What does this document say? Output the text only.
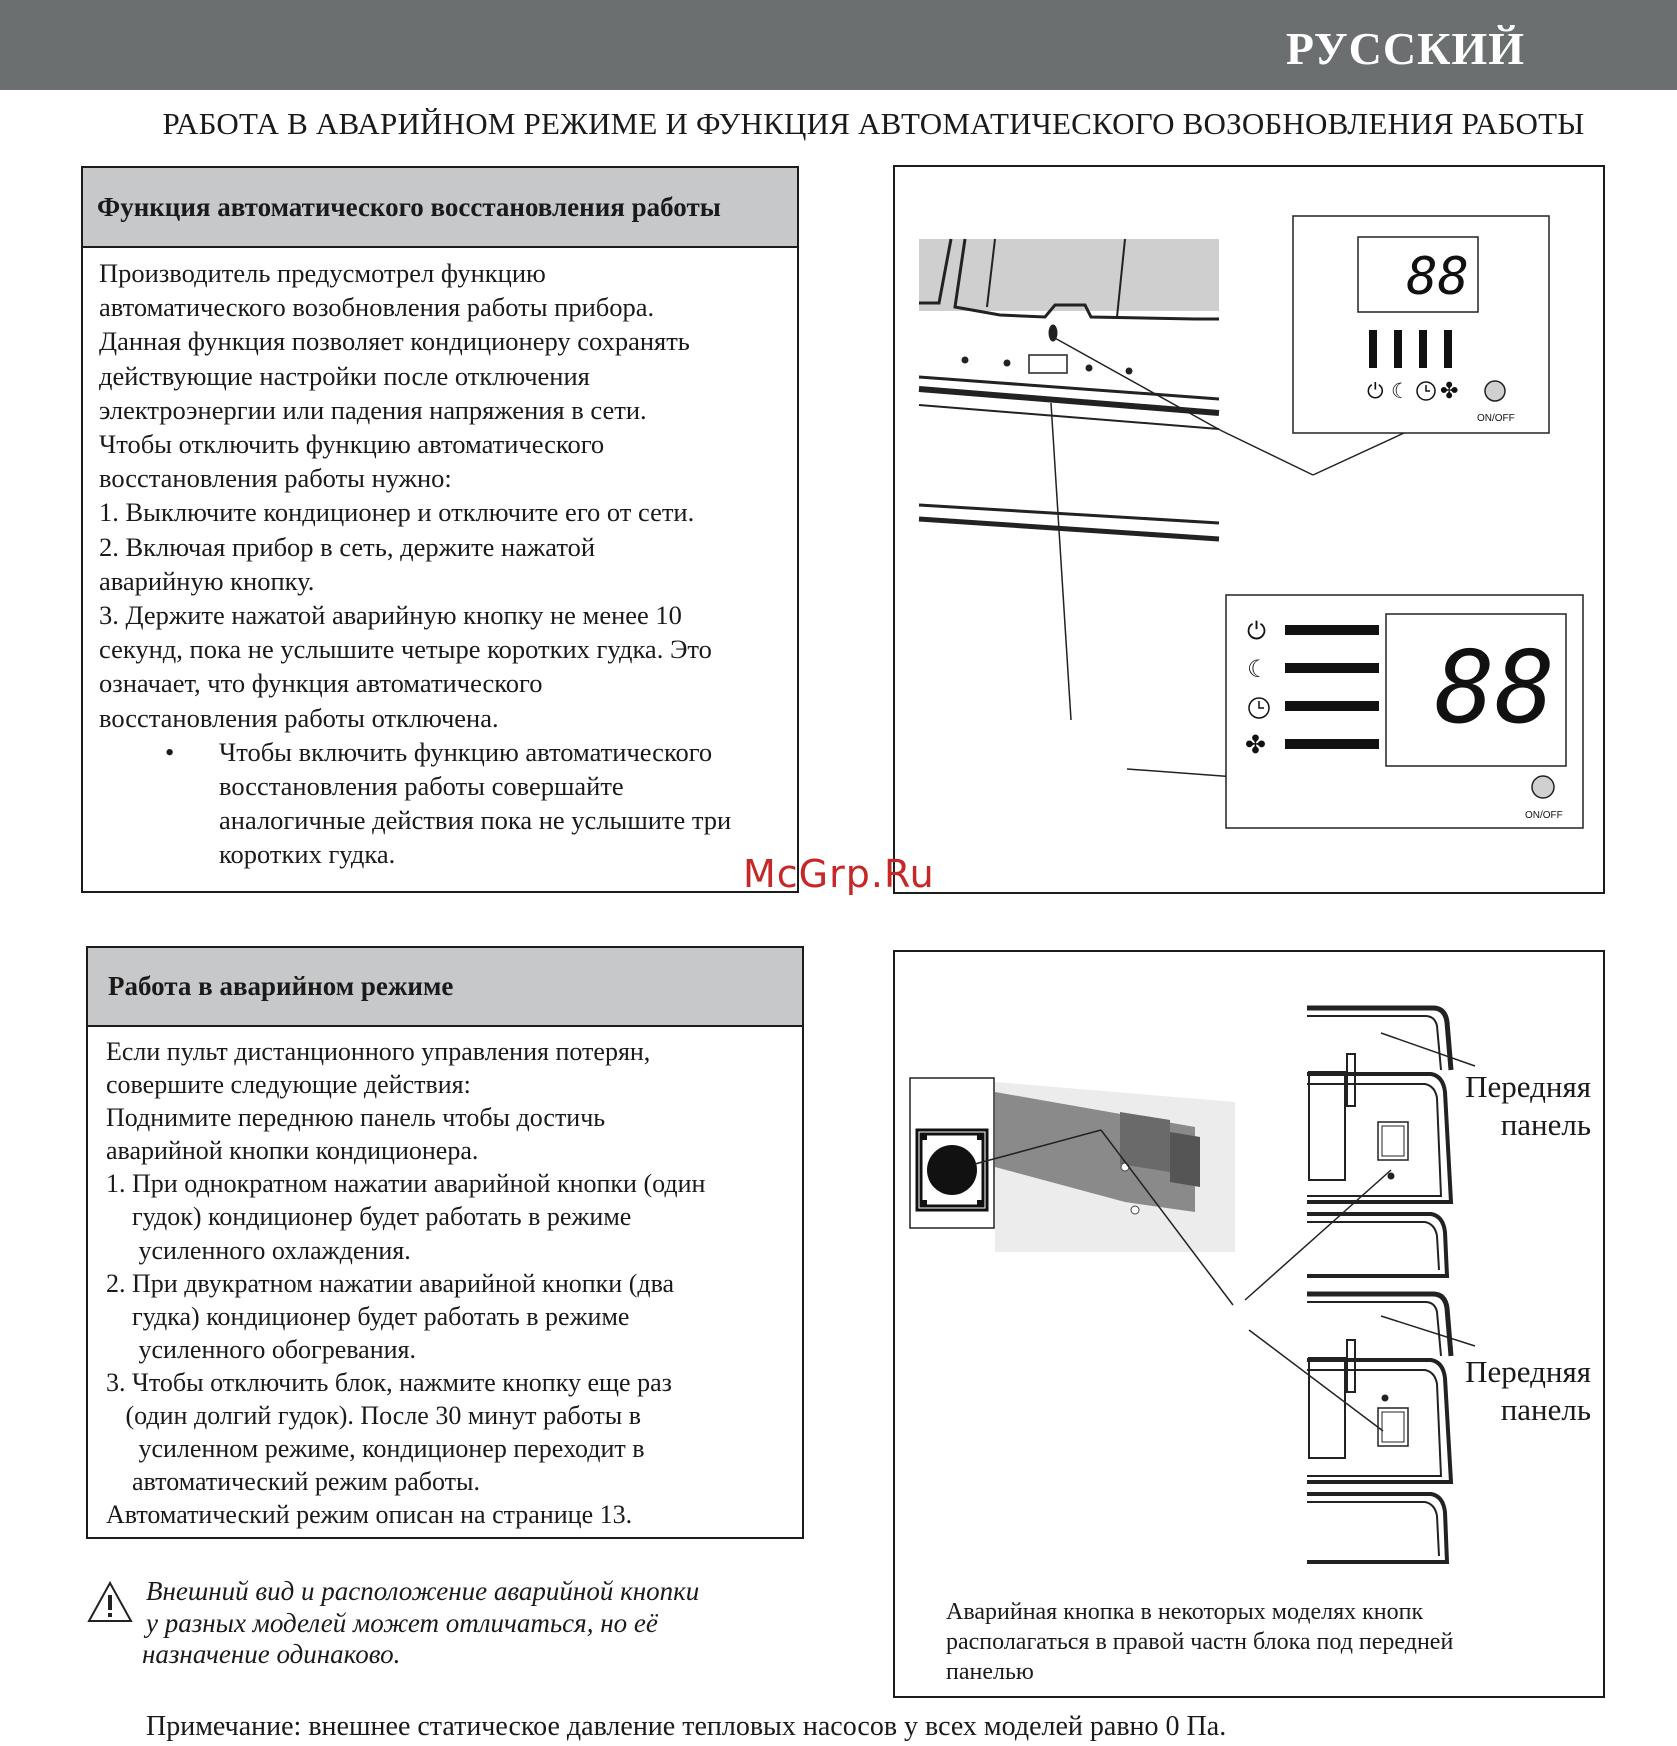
РУССКИЙ
РАБОТА В АВАРИЙНОМ РЕЖИМЕ И ФУНКЦИЯ АВТОМАТИЧЕСКОГО ВОЗОБНОВЛЕНИЯ РАБОТЫ
Функция автоматического восстановления работы
Производитель предусмотрел функцию
автоматического возобновления работы прибора.
Данная функция позволяет кондиционеру сохранять
действующие настройки после отключения
электроэнергии или падения напряжения в сети.
Чтобы отключить функцию автоматического
восстановления работы нужно:
1. Выключите кондиционер и отключите его от сети.
2. Включая прибор в сеть, держите нажатой
аварийную кнопку.
3. Держите нажатой аварийную кнопку не менее 10
секунд, пока не услышите четыре коротких гудка. Это
означает, что функция автоматического
восстановления работы отключена.
•	Чтобы включить функцию автоматического
восстановления работы совершайте
аналогичные действия пока не услышите три
коротких гудка.
88
⏻ ☾ ✤
ON/OFF
88
⏻
☾
✤
ON/OFF
Работа в аварийном режиме
Если пульт дистанционного управления потерян,
совершите следующие действия:
Поднимите переднюю панель чтобы достичь
аварийной кнопки кондиционера.
1. При однократном нажатии аварийной кнопки (один
гудок) кондиционер будет работать в режиме
усиленного охлаждения.
2. При двукратном нажатии аварийной кнопки (два
гудка) кондиционер будет работать в режиме
усиленного обогревания.
3. Чтобы отключить блок, нажмите кнопку еще раз
(один долгий гудок). После 30 минут работы в
усиленном режиме, кондиционер переходит в
автоматический режим работы.
Автоматический режим описан на странице 13.
Передняя
панель
Передняя
панель
Аварийная кнопка в некоторых моделях кнопк
располагаться в правой частн блока под передней
панелью
Внешний вид и расположение аварийной кнопки
у разных моделей может отличаться, но её
назначение одинаково.
Примечание: внешнее статическое давление тепловых насосов у всех моделей равно 0 Па.
McGrp.Ru
